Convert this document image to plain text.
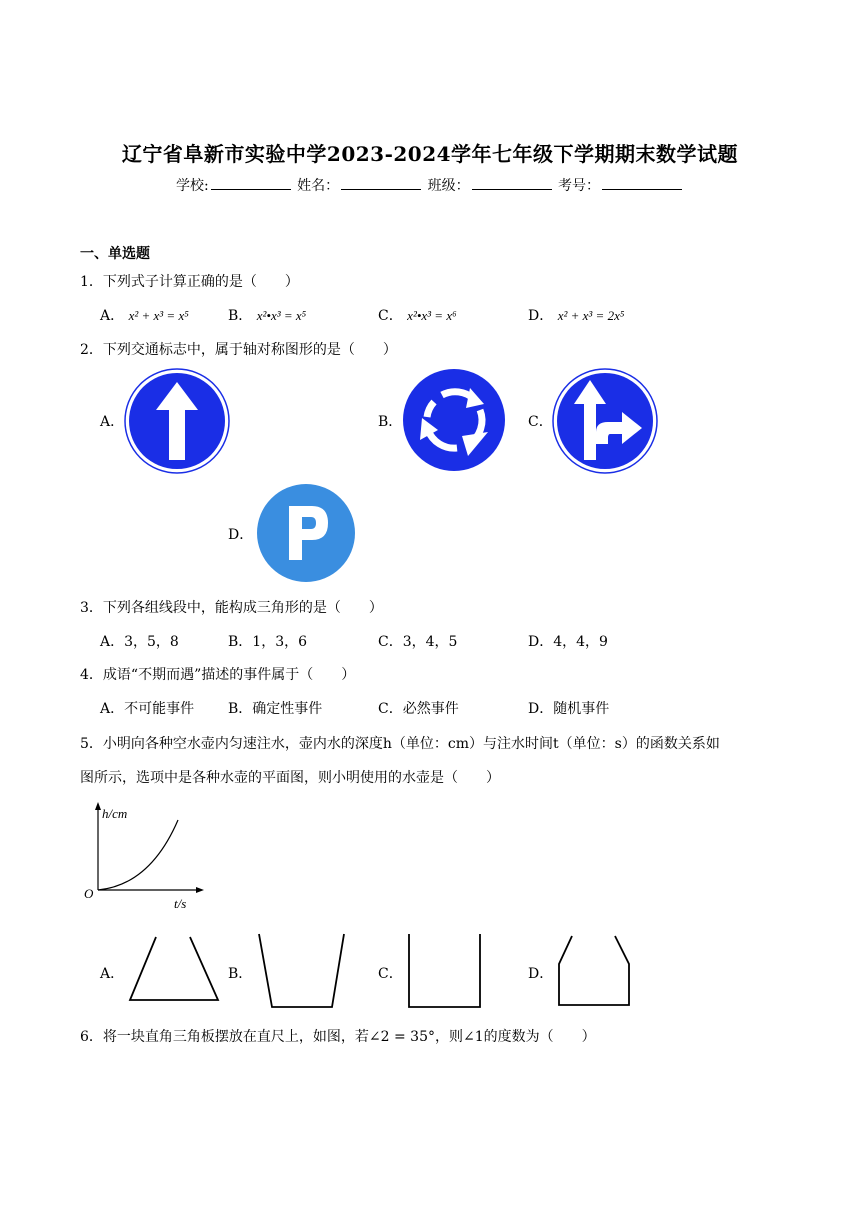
辽宁省阜新市实验中学2023-2024学年七年级下学期期末数学试题
学校:	姓名：	班级：	考号：
一、单选题
1．下列式子计算正确的是（　　）
A． x² + x³ = x⁵	B． x²•x³ = x⁵	C． x²•x³ = x⁶	D． x² + x³ = 2x⁵
2．下列交通标志中，属于轴对称图形的是（　　）
A．	B．	C．
D．
3．下列各组线段中，能构成三角形的是（　　）
A．3，5，8	B．1，3，6	C．3，4，5	D．4，4，9
4．成语“不期而遇”描述的事件属于（　　）
A．不可能事件 B．确定性事件	C．必然事件	D．随机事件
5．小明向各种空水壶内匀速注水，壶内水的深度h（单位：cm）与注水时间t（单位：s）的函数关系如
图所示，选项中是各种水壶的平面图，则小明使用的水壶是（　　）
h/cm
t/s
O
A．	B．	C．	D．
6．将一块直角三角板摆放在直尺上，如图，若∠2 = 35°，则∠1的度数为（　　）
